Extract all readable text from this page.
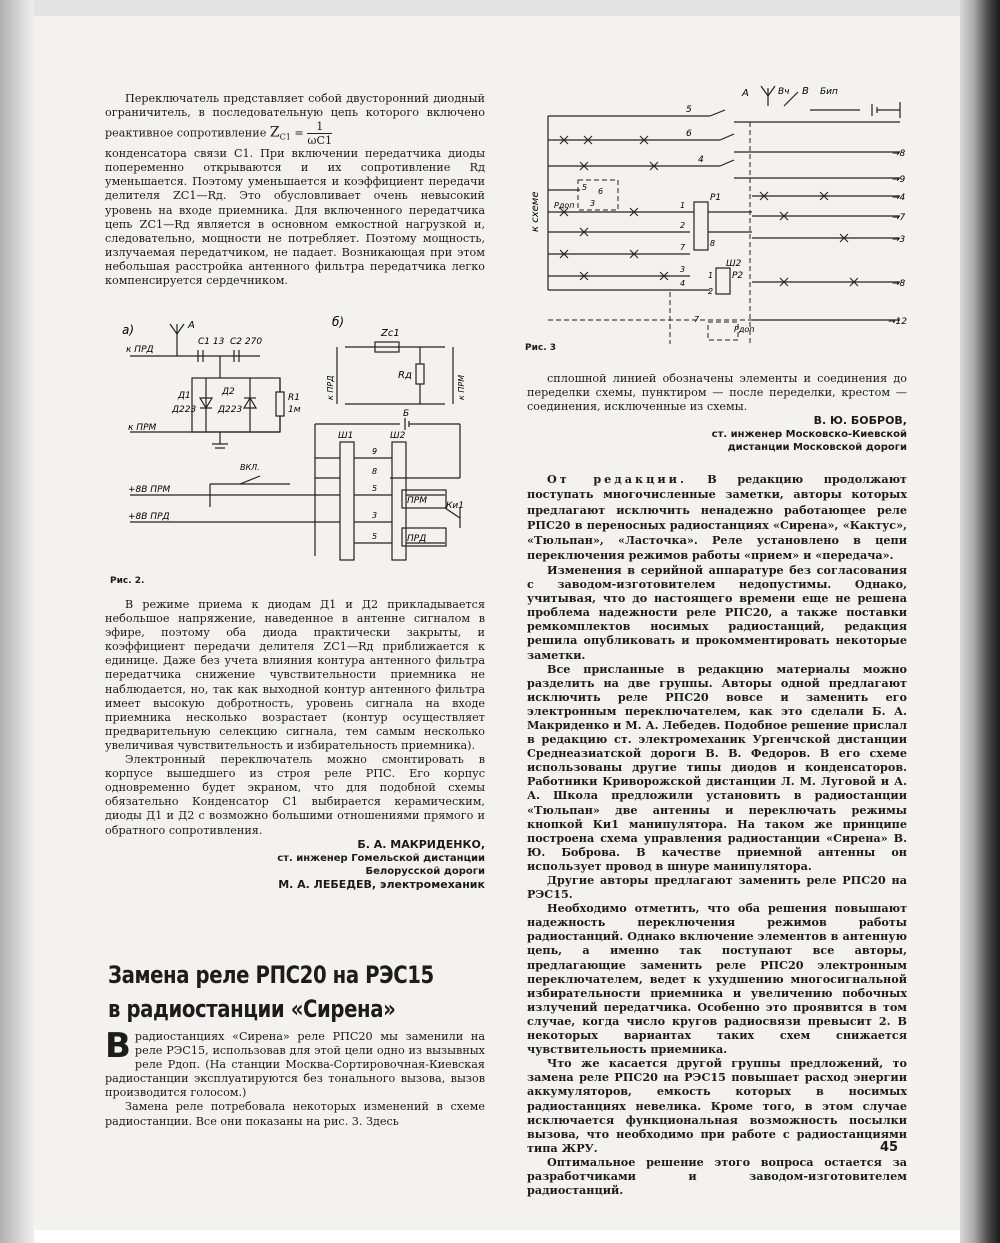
Переключатель представляет собой двусторонний диодный ограничитель, в последовательную цепь которого включено реактивное сопротивление $Z_{C1} = \frac{1}{\omega C1}$

конденсатора связи С1. При включении передатчика диоды попеременно открываются и их сопротивление Rд уменьшается. Поэтому уменьшается и коэффициент передачи делителя ZC1—Rд. Это обусловливает очень невысокий уровень на входе приемника. Для включенного передатчика цепь ZC1—Rд является в основном емкостной нагрузкой и, следовательно, мощности не потребляет. Поэтому мощность, излучаемая передатчиком, не падает. Возникающая при этом небольшая расстройка антенного фильтра передатчика легко компенсируется сердечником.

а)	А
С1 13 С2 270
к ПРД
к ПРМ
Д1
Д223
Д2
Д223
R1
1м
б)
Zc1
Rд
к ПРД	к ПРМ
Б
Ш1	Ш2
9
5
3
5
8
ВКЛ.
+8В ПРМ
+8В ПРД
ПРМ
ПРД
Ки1
Рис. 2.

В режиме приема к диодам Д1 и Д2 прикладывается небольшое напряжение, наведенное в антенне сигналом в эфире, поэтому оба диода практически закрыты, и коэффициент передачи делителя ZC1—Rд приближается к единице. Даже без учета влияния контура антенного фильтра передатчика снижение чувствительности приемника не наблюдается, но, так как выходной контур антенного фильтра имеет высокую добротность, уровень сигнала на входе приемника несколько возрастает (контур осуществляет предварительную селекцию сигнала, тем самым несколько увеличивая чувствительность и избирательность приемника).

Электронный переключатель можно смонтировать в корпусе вышедшего из строя реле РПС. Его корпус одновременно будет экраном, что для подобной схемы обязательно Конденсатор С1 выбирается керамическим, диоды Д1 и Д2 с возможно большими отношениями прямого и обратного сопротивления.

Б. А. МАКРИДЕНКО,

ст. инженер Гомельской дистанции

Белорусской дороги

М. А. ЛЕБЕДЕВ, электромеханик

Замена реле РПС20 на РЭС15
в радиостанции «Сирена»

Врадиостанциях «Сирена» реле РПС20 мы заменили на реле РЭС15, использовав для этой цели одно из вызывных реле Рдоп. (На станции Москва-Сортировочная-Киевская радиостанции эксплуатируются без тонального вызова, вызов производится голосом.)

Замена реле потребовала некоторых изменений в схеме радиостанции. Все они показаны на рис. 3. Здесь

А	Вч В Бип
к схеме
5
6
4
5 6
3
Рдоп	1
2
Р1
7	8
3
4
1
2
Ш2
Р2
7
Рдоп
→8
→9
→4
→7
→3
→8
→12
Рис. 3

сплошной линией обозначены элементы и соединения до переделки схемы, пунктиром — после переделки, крестом — соединения, исключенные из схемы.

В. Ю. БОБРОВ,

ст. инженер Московско-Киевской

дистанции Московской дороги

От редакции. В редакцию продолжают поступать многочисленные заметки, авторы которых предлагают исключить ненадежно работающее реле РПС20 в переносных радиостанциях «Сирена», «Кактус», «Тюльпан», «Ласточка». Реле установлено в цепи переключения режимов работы «прием» и «передача».

Изменения в серийной аппаратуре без согласования с заводом-изготовителем недопустимы. Однако, учитывая, что до настоящего времени еще не решена проблема надежности реле РПС20, а также поставки ремкомплектов носимых радиостанций, редакция решила опубликовать и прокомментировать некоторые заметки.

Все присланные в редакцию материалы можно разделить на две группы. Авторы одной предлагают исключить реле РПС20 вовсе и заменить его электронным переключателем, как это сделали Б. А. Макриденко и М. А. Лебедев. Подобное решение прислал в редакцию ст. электромеханик Ургенчской дистанции Среднеазиатской дороги В. В. Федоров. В его схеме использованы другие типы диодов и конденсаторов. Работники Криворожской дистанции Л. М. Луговой и А. А. Школа предложили установить в радиостанции «Тюльпан» две антенны и переключать режимы кнопкой Ки1 манипулятора. На таком же принципе построена схема управления радиостанции «Сирена» В. Ю. Боброва. В качестве приемной антенны он использует провод в шнуре манипулятора.

Другие авторы предлагают заменить реле РПС20 на РЭС15.

Необходимо отметить, что оба решения повышают надежность переключения режимов работы радиостанций. Однако включение элементов в антенную цепь, а именно так поступают все авторы, предлагающие заменить реле РПС20 электронным переключателем, ведет к ухудшению многосигнальной избирательности приемника и увеличению побочных излучений передатчика. Особенно это проявится в том случае, когда число кругов радиосвязи превысит 2. В некоторых вариантах таких схем снижается чувствительность приемника.

Что же касается другой группы предложений, то замена реле РПС20 на РЭС15 повышает расход энергии аккумуляторов, емкость которых в носимых радиостанциях невелика. Кроме того, в этом случае исключается функциональная возможность посылки вызова, что необходимо при работе с радиостанциями типа ЖРУ.

Оптимальное решение этого вопроса остается за разработчиками и заводом-изготовителем радиостанций.

45
